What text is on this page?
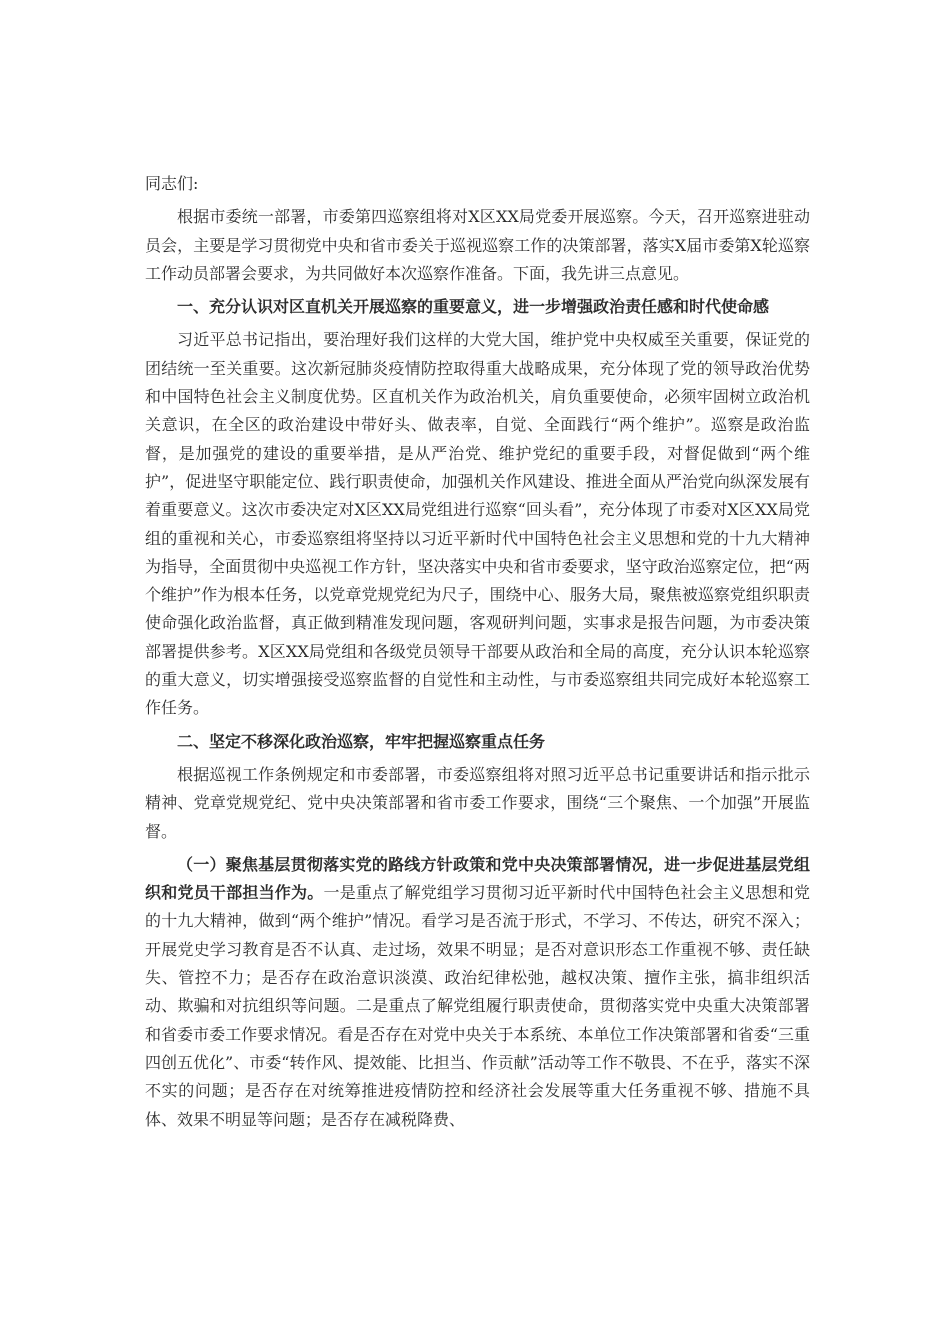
同志们:

根据市委统一部署，市委第四巡察组将对X区XX局党委开展巡察。今天，召开巡察进驻动员会，主要是学习贯彻党中央和省市委关于巡视巡察工作的决策部署，落实X届市委第X轮巡察工作动员部署会要求，为共同做好本次巡察作准备。下面，我先讲三点意见。

一、充分认识对区直机关开展巡察的重要意义，进一步增强政治责任感和时代使命感

习近平总书记指出，要治理好我们这样的大党大国，维护党中央权威至关重要，保证党的团结统一至关重要。这次新冠肺炎疫情防控取得重大战略成果，充分体现了党的领导政治优势和中国特色社会主义制度优势。区直机关作为政治机关，肩负重要使命，必须牢固树立政治机关意识，在全区的政治建设中带好头、做表率，自觉、全面践行“两个维护”。巡察是政治监督，是加强党的建设的重要举措，是从严治党、维护党纪的重要手段，对督促做到“两个维护”，促进坚守职能定位、践行职责使命，加强机关作风建设、推进全面从严治党向纵深发展有着重要意义。这次市委决定对X区XX局党组进行巡察“回头看”，充分体现了市委对X区XX局党组的重视和关心，市委巡察组将坚持以习近平新时代中国特色社会主义思想和党的十九大精神为指导，全面贯彻中央巡视工作方针，坚决落实中央和省市委要求，坚守政治巡察定位，把“两个维护”作为根本任务，以党章党规党纪为尺子，围绕中心、服务大局，聚焦被巡察党组织职责使命强化政治监督，真正做到精准发现问题，客观研判问题，实事求是报告问题，为市委决策部署提供参考。X区XX局党组和各级党员领导干部要从政治和全局的高度，充分认识本轮巡察的重大意义，切实增强接受巡察监督的自觉性和主动性，与市委巡察组共同完成好本轮巡察工作任务。

二、坚定不移深化政治巡察，牢牢把握巡察重点任务

根据巡视工作条例规定和市委部署，市委巡察组将对照习近平总书记重要讲话和指示批示精神、党章党规党纪、党中央决策部署和省市委工作要求，围绕“三个聚焦、一个加强”开展监督。

（一）聚焦基层贯彻落实党的路线方针政策和党中央决策部署情况，进一步促进基层党组织和党员干部担当作为。一是重点了解党组学习贯彻习近平新时代中国特色社会主义思想和党的十九大精神，做到“两个维护”情况。看学习是否流于形式，不学习、不传达，研究不深入；开展党史学习教育是否不认真、走过场，效果不明显；是否对意识形态工作重视不够、责任缺失、管控不力；是否存在政治意识淡漠、政治纪律松弛，越权决策、擅作主张，搞非组织活动、欺骗和对抗组织等问题。二是重点了解党组履行职责使命，贯彻落实党中央重大决策部署和省委市委工作要求情况。看是否存在对党中央关于本系统、本单位工作决策部署和省委“三重四创五优化”、市委“转作风、提效能、比担当、作贡献”活动等工作不敬畏、不在乎，落实不深不实的问题；是否存在对统筹推进疫情防控和经济社会发展等重大任务重视不够、措施不具体、效果不明显等问题；是否存在减税降费、
